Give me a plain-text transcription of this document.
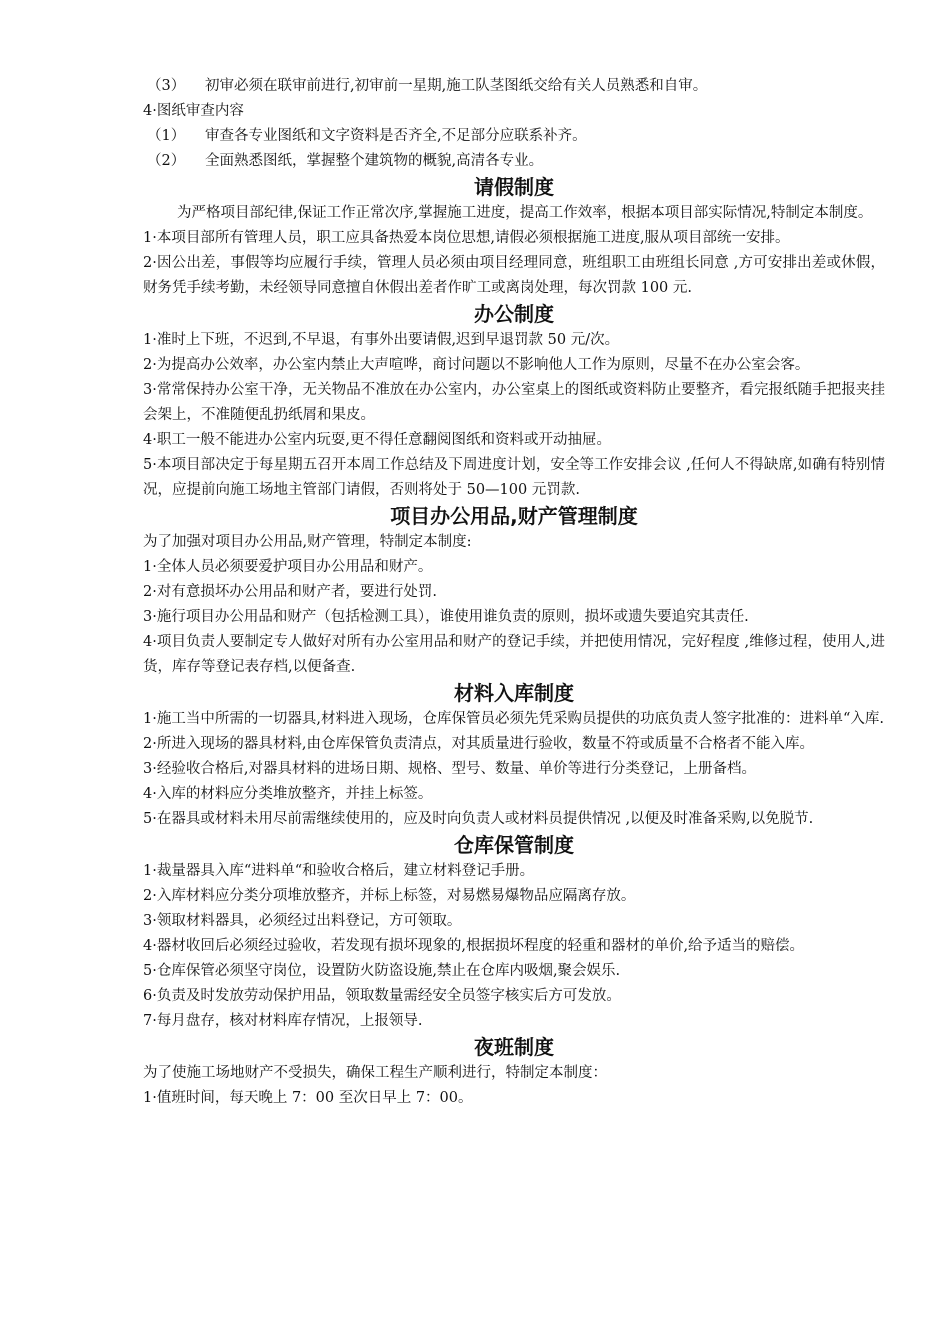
（3） 初审必须在联审前进行,初审前一星期,施工队茎图纸交给有关人员熟悉和自审。

4·图纸审查内容

（1） 审查各专业图纸和文字资料是否齐全,不足部分应联系补齐。

（2） 全面熟悉图纸，掌握整个建筑物的概貌,高清各专业。

请假制度

为严格项目部纪律,保证工作正常次序,掌握施工进度，提高工作效率，根据本项目部实际情况,特制定本制度。

1·本项目部所有管理人员，职工应具备热爱本岗位思想,请假必须根据施工进度,服从项目部统一安排。

2·因公出差，事假等均应履行手续，管理人员必须由项目经理同意，班组职工由班组长同意 ,方可安排出差或休假，财务凭手续考勤，未经领导同意擅自休假出差者作旷工或离岗处理，每次罚款 100 元.

办公制度

1·准时上下班，不迟到,不早退，有事外出要请假,迟到早退罚款 50 元/次。

2·为提高办公效率，办公室内禁止大声喧哗，商讨问题以不影响他人工作为原则，尽量不在办公室会客。

3·常常保持办公室干净，无关物品不准放在办公室内，办公室桌上的图纸或资料防止要整齐，看完报纸随手把报夹挂会架上，不准随便乱扔纸屑和果皮。

4·职工一般不能进办公室内玩耍,更不得任意翻阅图纸和资料或开动抽屉。

5·本项目部决定于每星期五召开本周工作总结及下周进度计划，安全等工作安排会议 ,任何人不得缺席,如确有特别情况，应提前向施工场地主管部门请假，否则将处于 50—100 元罚款.

项目办公用品,财产管理制度

为了加强对项目办公用品,财产管理，特制定本制度:

1·全体人员必须要爱护项目办公用品和财产。

2·对有意损坏办公用品和财产者，要进行处罚.

3·施行项目办公用品和财产（包括检测工具），谁使用谁负责的原则，损坏或遗失要追究其责任.

4·项目负责人要制定专人做好对所有办公室用品和财产的登记手续，并把使用情况，完好程度 ,维修过程，使用人,进货，库存等登记表存档,以便备查.

材料入库制度

1·施工当中所需的一切器具,材料进入现场，仓库保管员必须先凭采购员提供的功底负责人签字批准的：进料单“入库.

2·所进入现场的器具材料,由仓库保管负责清点，对其质量进行验收，数量不符或质量不合格者不能入库。

3·经验收合格后,对器具材料的进场日期、规格、型号、数量、单价等进行分类登记，上册备档。

4·入库的材料应分类堆放整齐，并挂上标签。

5·在器具或材料未用尽前需继续使用的，应及时向负责人或材料员提供情况 ,以便及时准备采购,以免脱节.

仓库保管制度

1·裁量器具入库“进料单“和验收合格后，建立材料登记手册。

2·入库材料应分类分项堆放整齐，并标上标签，对易燃易爆物品应隔离存放。

3·领取材料器具，必须经过出料登记，方可领取。

4·器材收回后必须经过验收，若发现有损坏现象的,根据损坏程度的轻重和器材的单价,给予适当的赔偿。

5·仓库保管必须坚守岗位，设置防火防盗设施,禁止在仓库内吸烟,聚会娱乐.

6·负责及时发放劳动保护用品，领取数量需经安全员签字核实后方可发放。

7·每月盘存，核对材料库存情况，上报领导.

夜班制度

为了使施工场地财产不受损失，确保工程生产顺利进行，特制定本制度：

1·值班时间，每天晚上 7：00 至次日早上 7：00。
